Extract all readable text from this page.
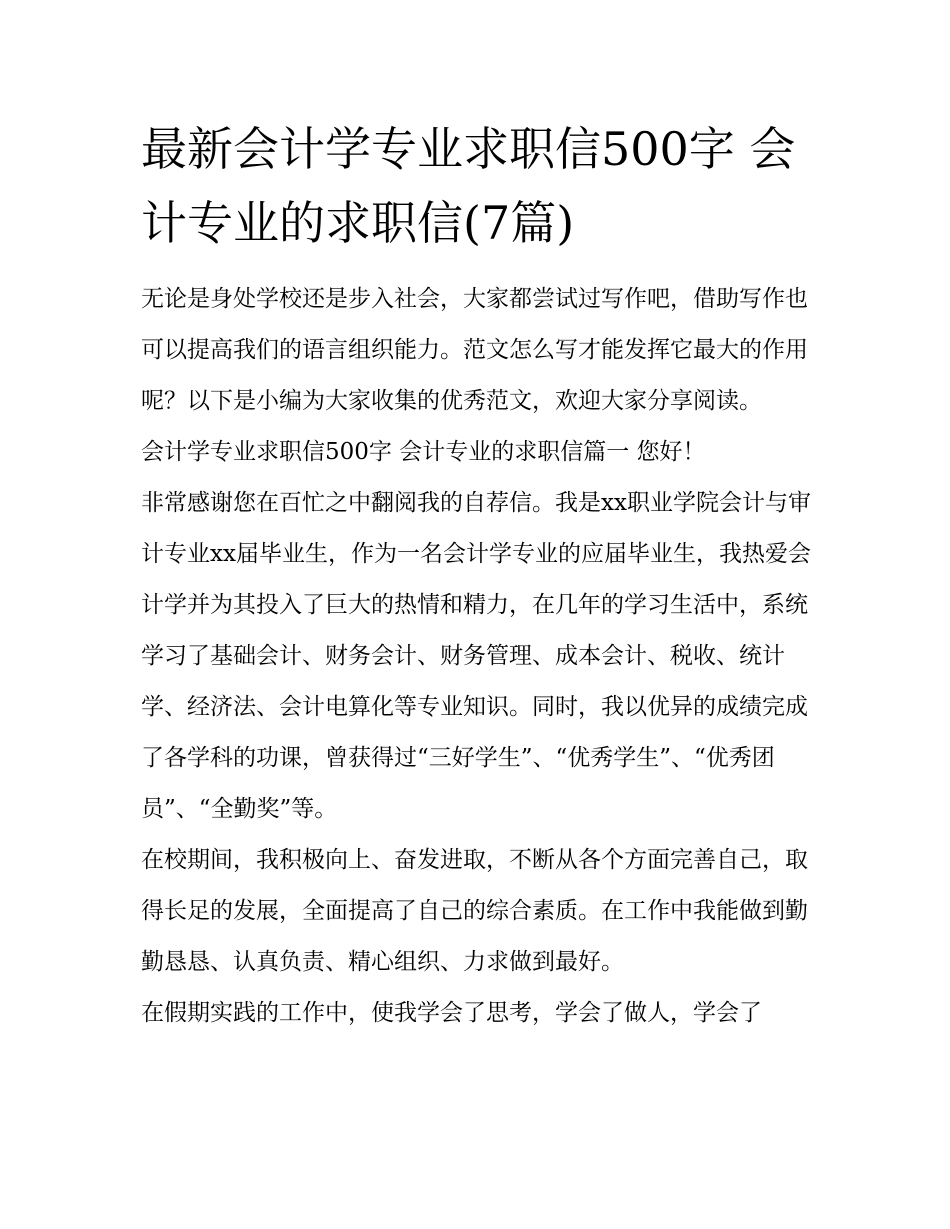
最新会计学专业求职信500字 会计专业的求职信(7篇)

无论是身处学校还是步入社会，大家都尝试过写作吧，借助写作也可以提高我们的语言组织能力。范文怎么写才能发挥它最大的作用呢？以下是小编为大家收集的优秀范文，欢迎大家分享阅读。

会计学专业求职信500字 会计专业的求职信篇一 您好！

非常感谢您在百忙之中翻阅我的自荐信。我是xx职业学院会计与审计专业xx届毕业生，作为一名会计学专业的应届毕业生，我热爱会计学并为其投入了巨大的热情和精力，在几年的学习生活中，系统学习了基础会计、财务会计、财务管理、成本会计、税收、统计学、经济法、会计电算化等专业知识。同时，我以优异的成绩完成了各学科的功课，曾获得过“三好学生”、“优秀学生”、“优秀团员”、“全勤奖”等。

在校期间，我积极向上、奋发进取，不断从各个方面完善自己，取得长足的发展，全面提高了自己的综合素质。在工作中我能做到勤勤恳恳、认真负责、精心组织、力求做到最好。

在假期实践的工作中，使我学会了思考，学会了做人，学会了
